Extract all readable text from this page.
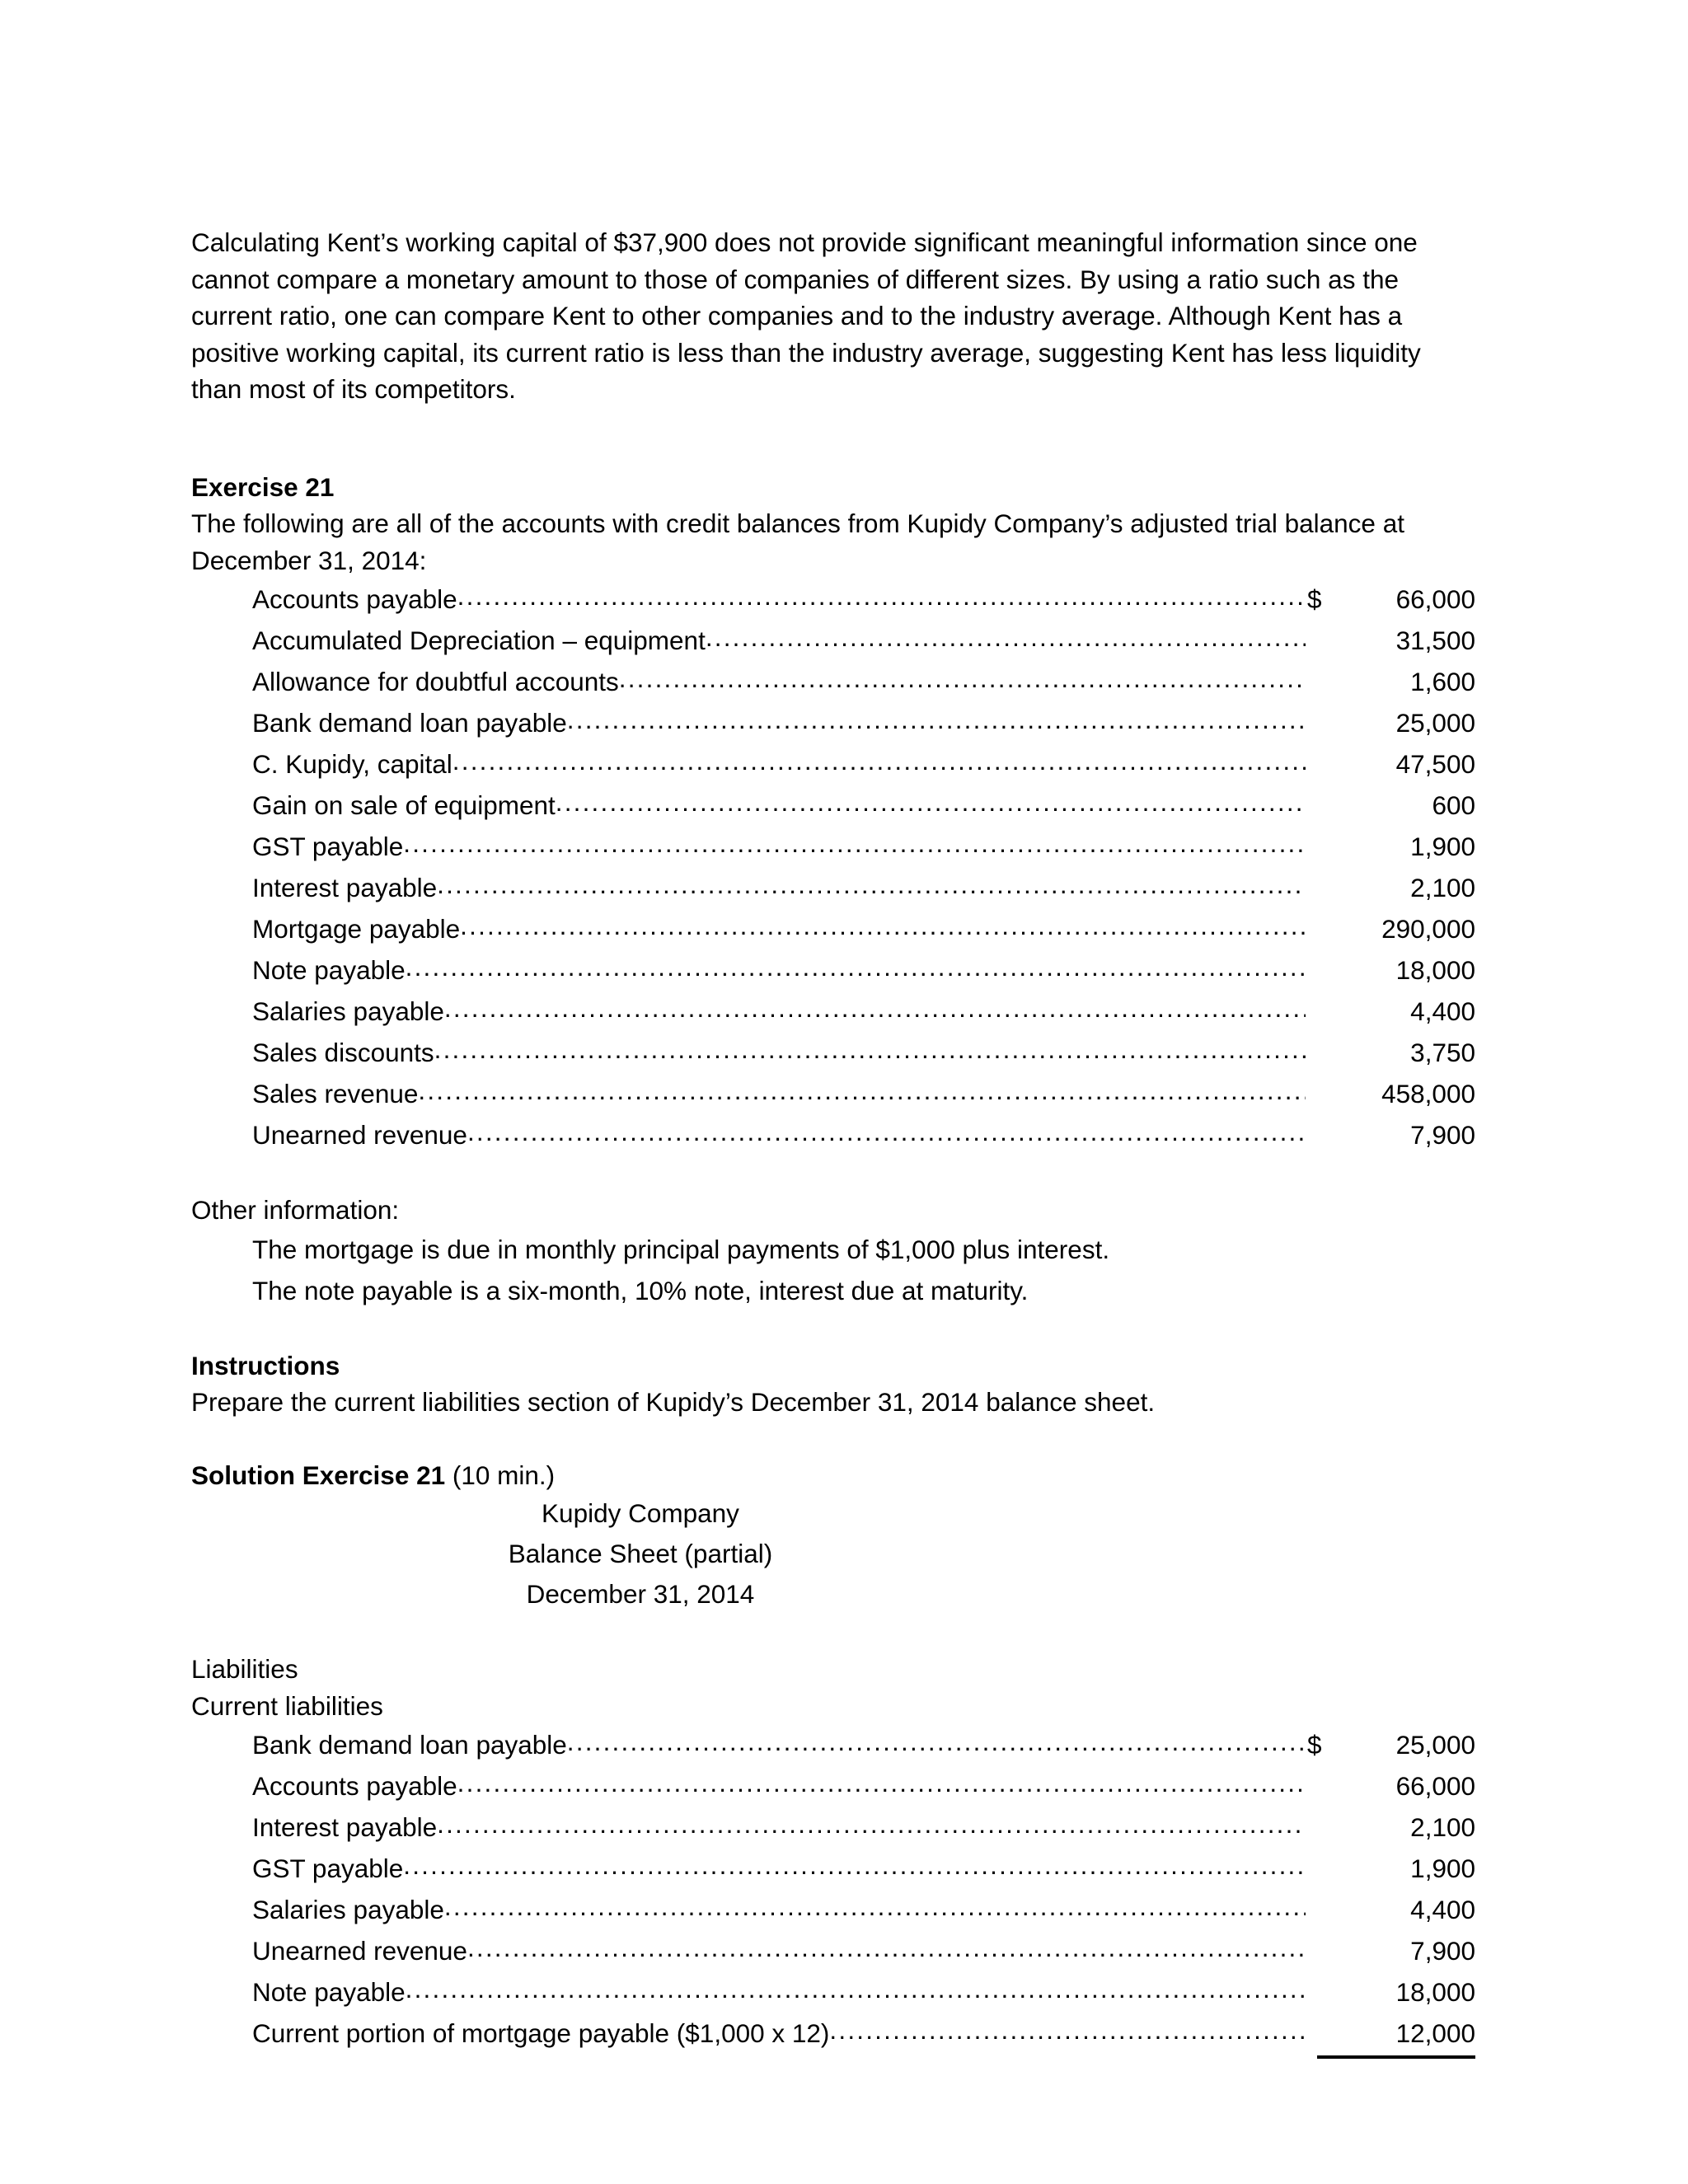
Calculating Kent’s working capital of $37,900 does not provide significant meaningful information since one cannot compare a monetary amount to those of companies of different sizes. By using a ratio such as the current ratio, one can compare Kent to other companies and to the industry average. Although Kent has a positive working capital, its current ratio is less than the industry average, suggesting Kent has less liquidity than most of its competitors.

Exercise 21

The following are all of the accounts with credit balances from Kupidy Company’s adjusted trial balance at December 31, 2014:

Accounts payable .....	$	66,000
Accumulated Depreciation – equipment .....	31,500
Allowance for doubtful accounts .....	1,600
Bank demand loan payable .....	25,000
C. Kupidy, capital .....	47,500
Gain on sale of equipment .....	600
GST payable .....	1,900
Interest payable .....	2,100
Mortgage payable .....	290,000
Note payable .....	18,000
Salaries payable .....	4,400
Sales discounts .....	3,750
Sales revenue .....	458,000
Unearned revenue .....	7,900

Other information:

The mortgage is due in monthly principal payments of $1,000 plus interest.

The note payable is a six-month, 10% note, interest due at maturity.

Instructions

Prepare the current liabilities section of Kupidy’s December 31, 2014 balance sheet.

Solution Exercise 21 (10 min.)

Kupidy Company

Balance Sheet (partial)

December 31, 2014

Liabilities

Current liabilities

Bank demand loan payable .....	$	25,000
Accounts payable .....	66,000
Interest payable .....	2,100
GST payable .....	1,900
Salaries payable .....	4,400
Unearned revenue .....	7,900
Note payable .....	18,000
Current portion of mortgage payable ($1,000 x 12) .....	12,000
